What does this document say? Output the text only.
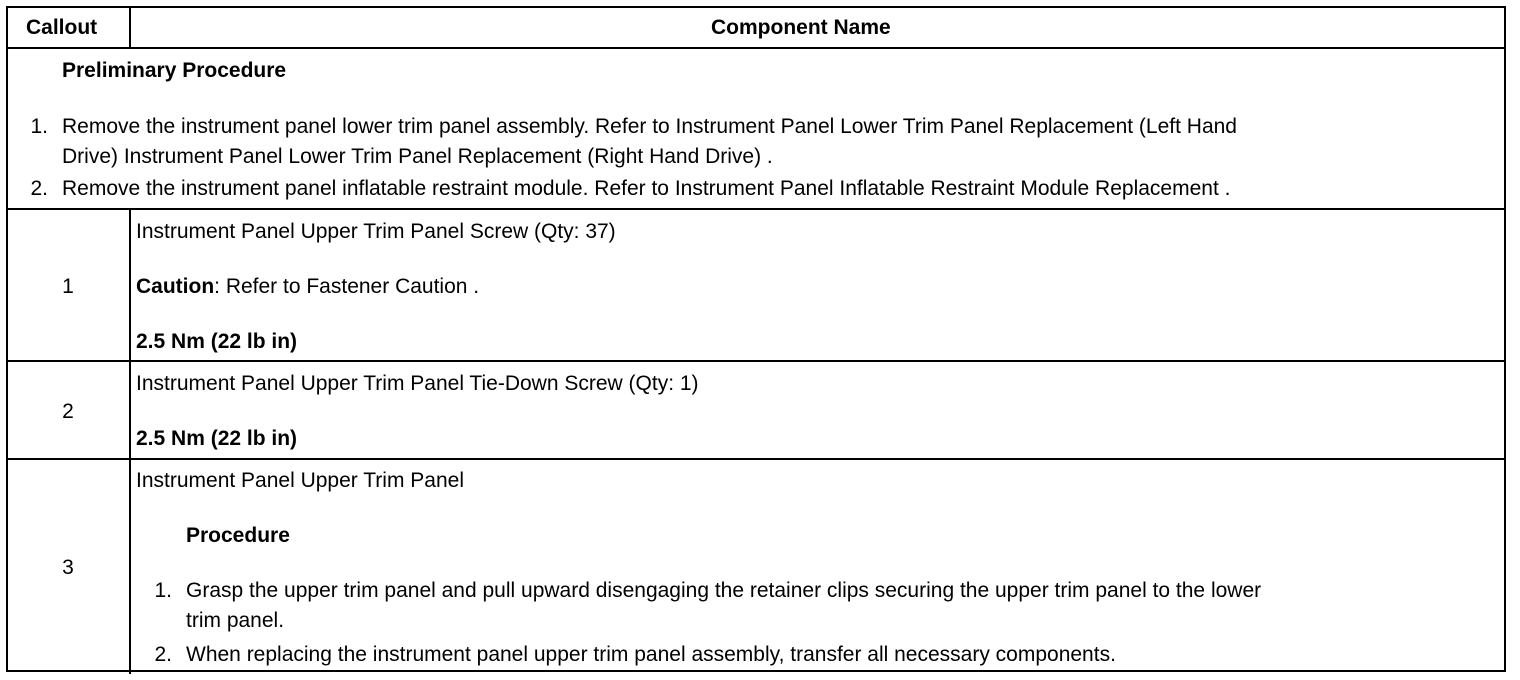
Callout	Component Name
Preliminary Procedure
1. Remove the instrument panel lower trim panel assembly. Refer to Instrument Panel Lower Trim Panel Replacement (Left Hand
Drive) Instrument Panel Lower Trim Panel Replacement (Right Hand Drive) .
2. Remove the instrument panel inflatable restraint module. Refer to Instrument Panel Inflatable Restraint Module Replacement .
1
Instrument Panel Upper Trim Panel Screw (Qty: 37)
Caution: Refer to Fastener Caution .
2.5 Nm (22 lb in)
2
Instrument Panel Upper Trim Panel Tie-Down Screw (Qty: 1)
2.5 Nm (22 lb in)
3
Instrument Panel Upper Trim Panel
Procedure
1. Grasp the upper trim panel and pull upward disengaging the retainer clips securing the upper trim panel to the lower
trim panel.
2. When replacing the instrument panel upper trim panel assembly, transfer all necessary components.
